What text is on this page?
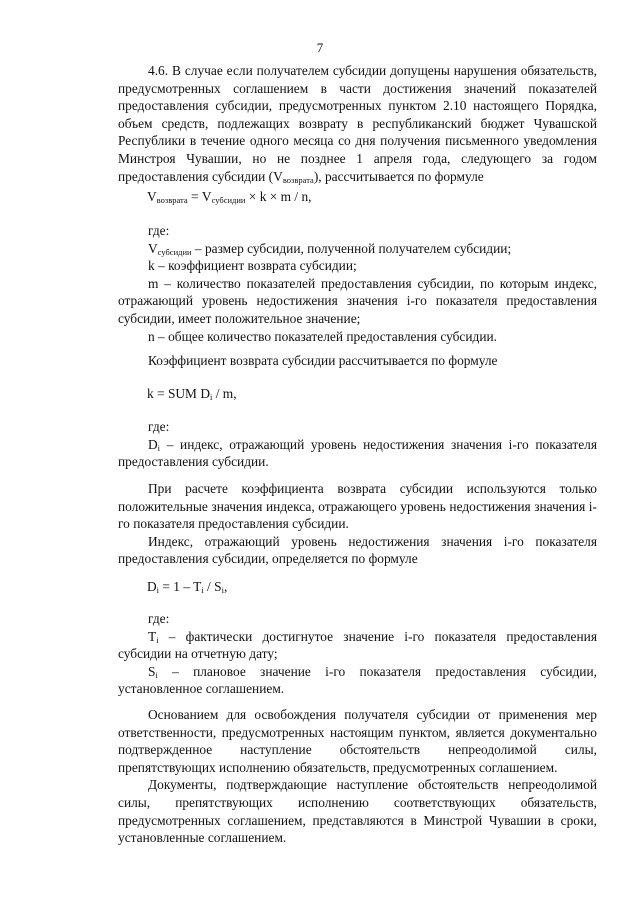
7

4.6. В случае если получателем субсидии допущены нарушения обязательств, предусмотренных соглашением в части достижения значений показателей предоставления субсидии, предусмотренных пунктом 2.10 настоящего Порядка, объем средств, подлежащих возврату в республиканский бюджет Чувашской Республики в течение одного месяца со дня получения письменного уведомления Минстроя Чувашии, но не позднее 1 апреля года, следующего за годом предоставления субсидии $(V_{возврата})$, рассчитывается по формуле

$V_{возврата} = V_{субсидии} \times k \times m / n$,

где:

$V_{субсидии}$ – размер субсидии, полученной получателем субсидии;

k – коэффициент возврата субсидии;

m – количество показателей предоставления субсидии, по которым индекс, отражающий уровень недостижения значения i-го показателя предоставления субсидии, имеет положительное значение;

n – общее количество показателей предоставления субсидии.

Коэффициент возврата субсидии рассчитывается по формуле

k = SUM $D_i$ / m,

где:

$D_i$ – индекс, отражающий уровень недостижения значения i-го показателя предоставления субсидии.

При расчете коэффициента возврата субсидии используются только положительные значения индекса, отражающего уровень недостижения значения i-го показателя предоставления субсидии.

Индекс, отражающий уровень недостижения значения i-го показателя предоставления субсидии, определяется по формуле

$D_i = 1 - T_i / S_i$,

где:

$T_i$ – фактически достигнутое значение i-го показателя предоставления субсидии на отчетную дату;

$S_i$ – плановое значение i-го показателя предоставления субсидии, установленное соглашением.

Основанием для освобождения получателя субсидии от применения мер ответственности, предусмотренных настоящим пунктом, является документально подтвержденное наступление обстоятельств непреодолимой силы, препятствующих исполнению обязательств, предусмотренных соглашением.

Документы, подтверждающие наступление обстоятельств непреодолимой силы, препятствующих исполнению соответствующих обязательств, предусмотренных соглашением, представляются в Минстрой Чувашии в сроки, установленные соглашением.
